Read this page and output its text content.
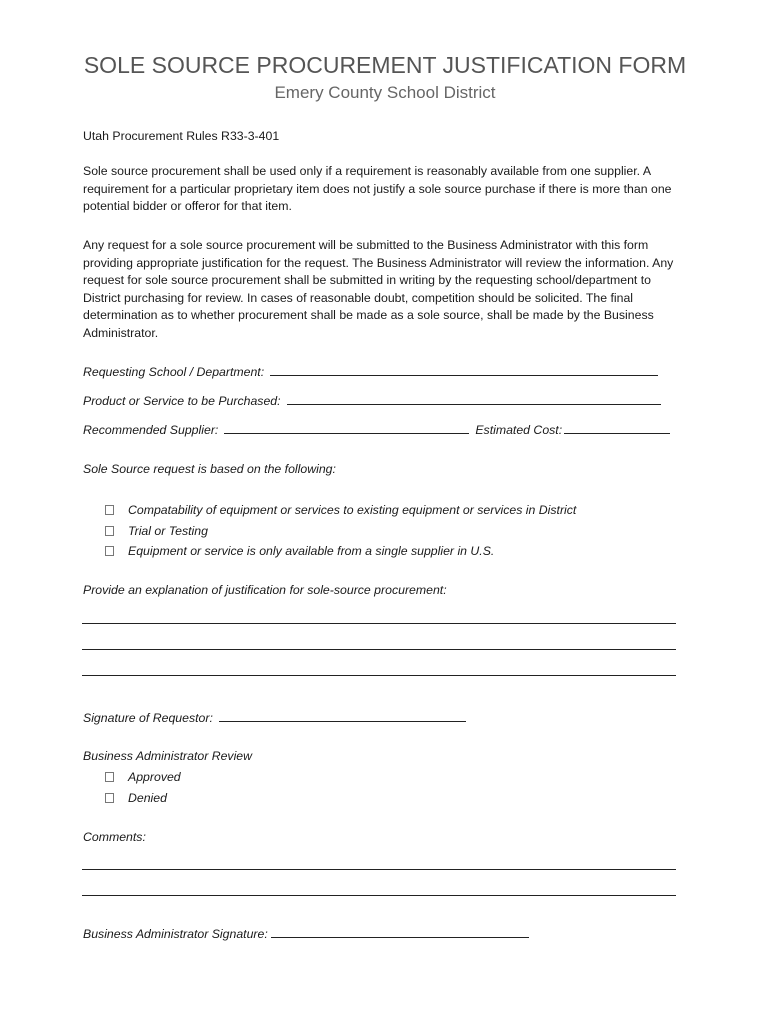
SOLE SOURCE PROCUREMENT JUSTIFICATION FORM
Emery County School District
Utah Procurement Rules R33-3-401
Sole source procurement shall be used only if a requirement is reasonably available from one supplier. A requirement for a particular proprietary item does not justify a sole source purchase if there is more than one potential bidder or offeror for that item.
Any request for a sole source procurement will be submitted to the Business Administrator with this form providing appropriate justification for the request. The Business Administrator will review the information. Any request for sole source procurement shall be submitted in writing by the requesting school/department to District purchasing for review. In cases of reasonable doubt, competition should be solicited. The final determination as to whether procurement shall be made as a sole source, shall be made by the Business Administrator.
Requesting School / Department:
Product or Service to be Purchased:
Recommended Supplier:	Estimated Cost:
Sole Source request is based on the following:
Compatability of equipment or services to existing equipment or services in District
Trial or Testing
Equipment or service is only available from a single supplier in U.S.
Provide an explanation of justification for sole-source procurement:
Signature of Requestor:
Business Administrator Review
Approved
Denied
Comments:
Business Administrator Signature:
